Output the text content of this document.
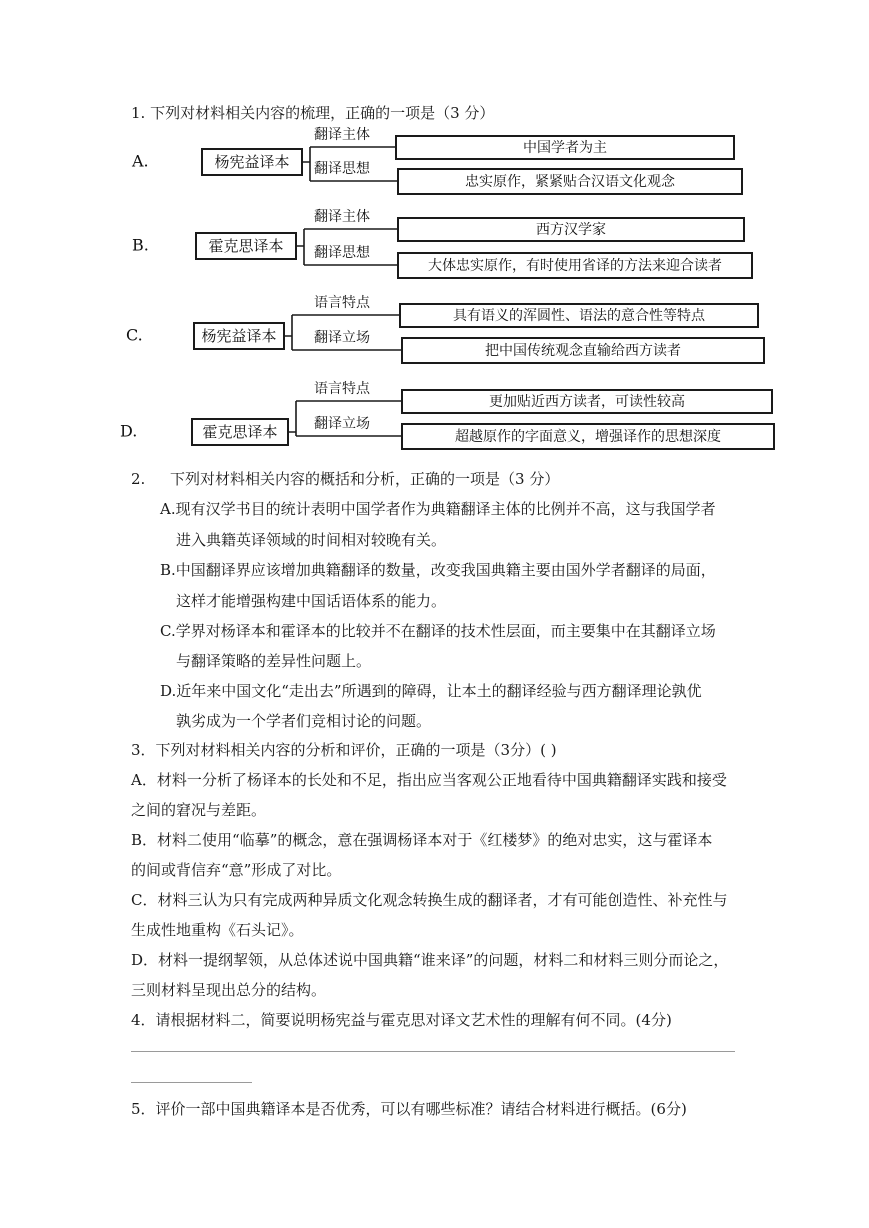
1. 下列对材料相关内容的梳理，正确的一项是（3 分）
A.	杨宪益译本
翻译主体
翻译思想
中国学者为主
忠实原作，紧紧贴合汉语文化观念
B.	霍克思译本
翻译主体
翻译思想
西方汉学家
大体忠实原作，有时使用省译的方法来迎合读者
C.	杨宪益译本
语言特点
翻译立场
具有语义的浑圆性、语法的意合性等特点
把中国传统观念直输给西方读者
D.	霍克思译本
语言特点
翻译立场
更加贴近西方读者，可读性较高
超越原作的字面意义，增强译作的思想深度
2. 下列对材料相关内容的概括和分析，正确的一项是（3 分）
A.现有汉学书目的统计表明中国学者作为典籍翻译主体的比例并不高，这与我国学者
进入典籍英译领域的时间相对较晚有关。
B.中国翻译界应该增加典籍翻译的数量，改变我国典籍主要由国外学者翻译的局面，
这样才能增强构建中国话语体系的能力。
C.学界对杨译本和霍译本的比较并不在翻译的技术性层面，而主要集中在其翻译立场
与翻译策略的差异性问题上。
D.近年来中国文化“走出去”所遇到的障碍，让本土的翻译经验与西方翻译理论孰优
孰劣成为一个学者们竞相讨论的问题。
3．下列对材料相关内容的分析和评价，正确的一项是（3分）( )
A．材料一分析了杨译本的长处和不足，指出应当客观公正地看待中国典籍翻译实践和接受
之间的窘况与差距。
B．材料二使用“临摹”的概念，意在强调杨译本对于《红楼梦》的绝对忠实，这与霍译本
的间或背信弃“意”形成了对比。
C．材料三认为只有完成两种异质文化观念转换生成的翻译者，才有可能创造性、补充性与
生成性地重构《石头记》。
D．材料一提纲挈领，从总体述说中国典籍“谁来译”的问题，材料二和材料三则分而论之，
三则材料呈现出总分的结构。
4．请根据材料二，简要说明杨宪益与霍克思对译文艺术性的理解有何不同。(4分)
5．评价一部中国典籍译本是否优秀，可以有哪些标准？请结合材料进行概括。(6分)
